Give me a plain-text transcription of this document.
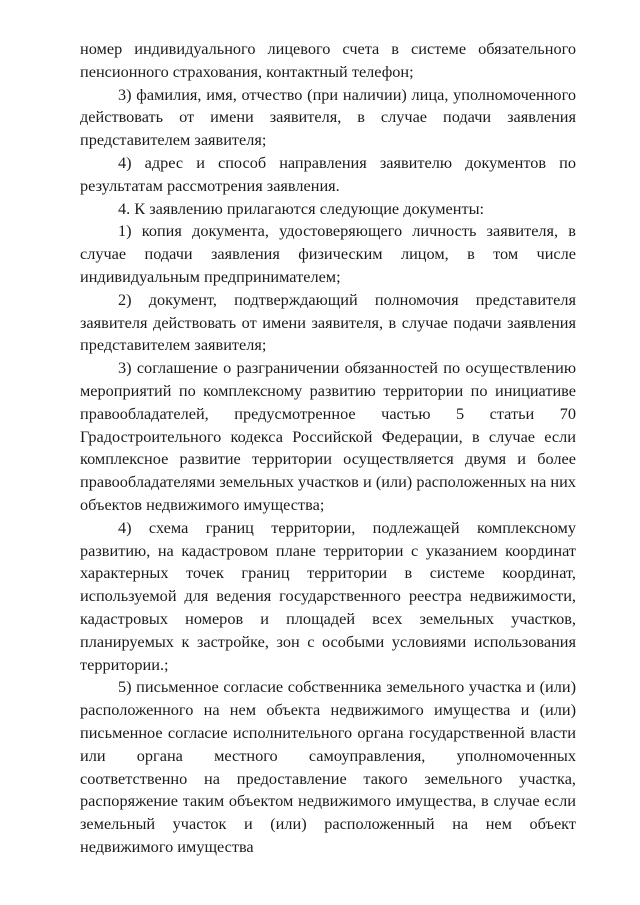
номер индивидуального лицевого счета в системе обязательного пенсионного страхования, контактный телефон;

3) фамилия, имя, отчество (при наличии) лица, уполномоченного действовать от имени заявителя, в случае подачи заявления представителем заявителя;

4) адрес и способ направления заявителю документов по результатам рассмотрения заявления.

4. К заявлению прилагаются следующие документы:

1) копия документа, удостоверяющего личность заявителя, в случае подачи заявления физическим лицом, в том числе индивидуальным предпринимателем;

2) документ, подтверждающий полномочия представителя заявителя действовать от имени заявителя, в случае подачи заявления представителем заявителя;

3) соглашение о разграничении обязанностей по осуществлению мероприятий по комплексному развитию территории по инициативе правообладателей, предусмотренное частью 5 статьи 70 Градостроительного кодекса Российской Федерации, в случае если комплексное развитие территории осуществляется двумя и более правообладателями земельных участков и (или) расположенных на них объектов недвижимого имущества;

4) схема границ территории, подлежащей комплексному развитию, на кадастровом плане территории с указанием координат характерных точек границ территории в системе координат, используемой для ведения государственного реестра недвижимости, кадастровых номеров и площадей всех земельных участков, планируемых к застройке, зон с особыми условиями использования территории.;

5) письменное согласие собственника земельного участка и (или) расположенного на нем объекта недвижимого имущества и (или) письменное согласие исполнительного органа государственной власти или органа местного самоуправления, уполномоченных соответственно на предоставление такого земельного участка, распоряжение таким объектом недвижимого имущества, в случае если земельный участок и (или) расположенный на нем объект недвижимого имущества
